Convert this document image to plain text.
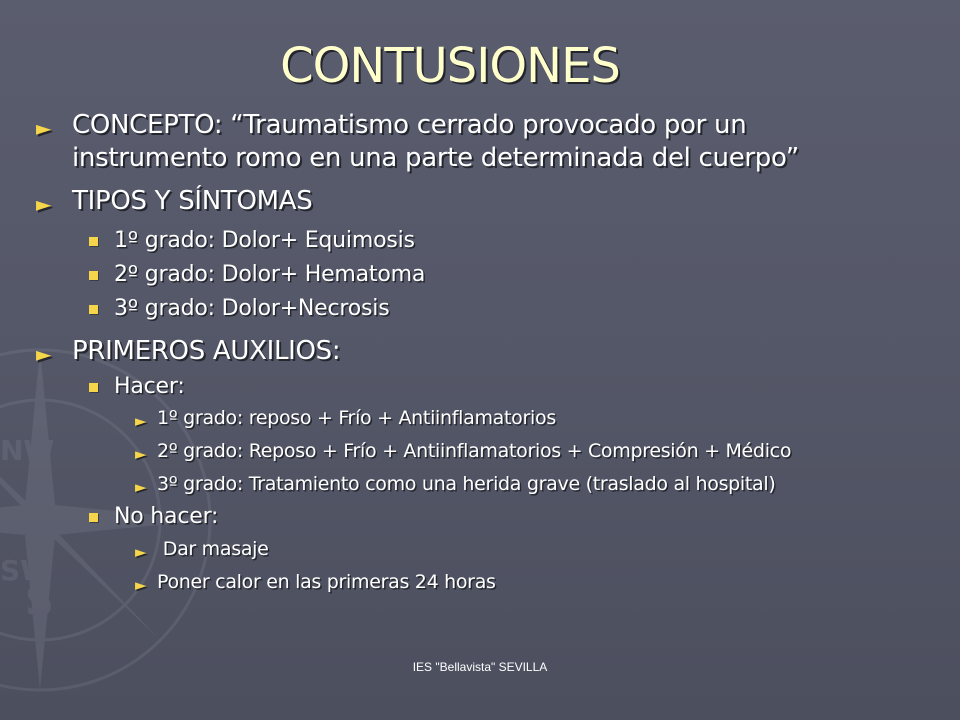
S
NW
SW
CONTUSIONES
► CONCEPTO: “Traumatismo cerrado provocado por un
instrumento romo en una parte determinada del cuerpo”
► TIPOS Y SÍNTOMAS
1º grado: Dolor+ Equimosis
2º grado: Dolor+ Hematoma
3º grado: Dolor+Necrosis
► PRIMEROS AUXILIOS:
Hacer:
► 1º grado: reposo + Frío + Antiinflamatorios
► 2º grado: Reposo + Frío + Antiinflamatorios + Compresión + Médico
► 3º grado: Tratamiento como una herida grave (traslado al hospital)
No hacer:
► Dar masaje
► Poner calor en las primeras 24 horas
IES "Bellavista" SEVILLA
